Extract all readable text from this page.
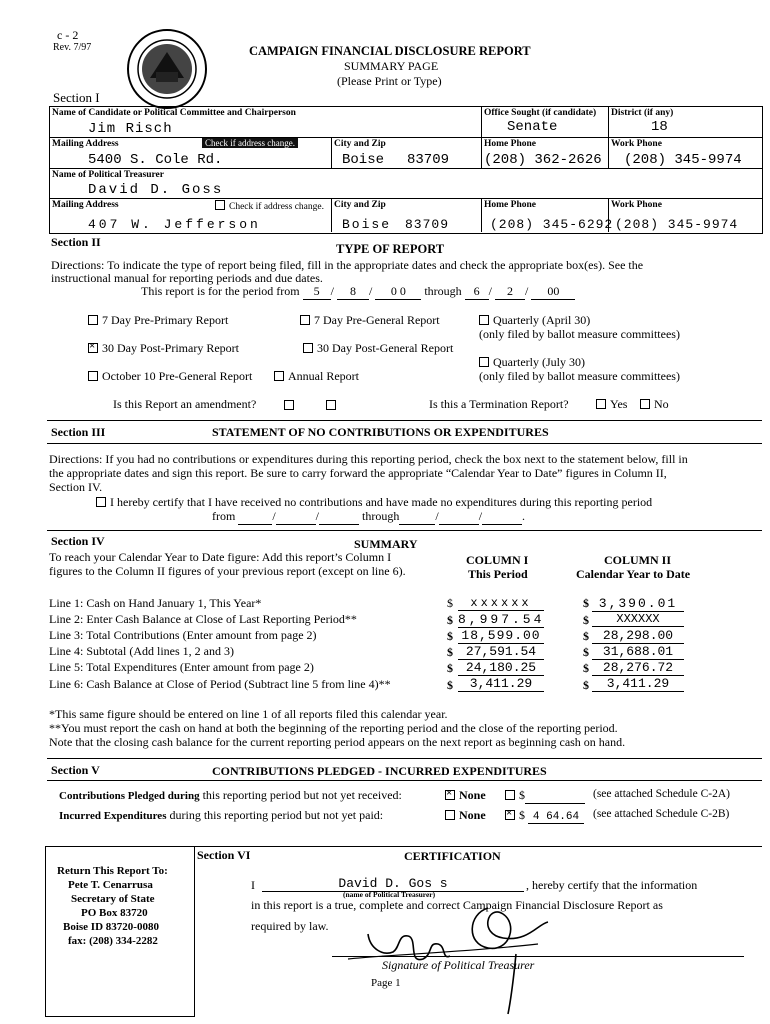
c - 2
Rev. 7/97	CAMPAIGN FINANCIAL DISCLOSURE REPORT
SUMMARY PAGE
(Please Print or Type)
Section I
Name of Candidate or Political Committee and Chairperson
Jim Risch
Office Sought (if candidate)
Senate
District (if any)
18
Mailing Address	Check if address change.
5400 S. Cole Rd.
City and Zip
Boise 83709
Home Phone
(208) 362-2626
Work Phone
(208) 345-9974
Name of Political Treasurer
David D. Goss
Mailing Address	Check if address change.
407 W. Jefferson
City and Zip
Boise 83709
Home Phone
(208) 345-6292
Work Phone
(208) 345-9974
Section II	TYPE OF REPORT
Directions: To indicate the type of report being filed, fill in the appropriate dates and check the appropriate box(es). See the
instructional manual for reporting periods and due dates.
This report is for the period from 5 / 8 / 0 0 through 6 / 2 / 00
7 Day Pre-Primary Report	7 Day Pre-General Report	Quarterly (April 30)
(only filed by ballot measure committees)
×30 Day Post-Primary Report	30 Day Post-General Report
Quarterly (July 30)
(only filed by ballot measure committees)
October 10 Pre-General Report	Annual Report
Is this Report an amendment?	Is this a Termination Report?	Yes	No
Section III	STATEMENT OF NO CONTRIBUTIONS OR EXPENDITURES
Directions: If you had no contributions or expenditures during this reporting period, check the box next to the statement below, fill in
the appropriate dates and sign this report. Be sure to carry forward the appropriate “Calendar Year to Date” figures in Column II,
Section IV.
I hereby certify that I have received no contributions and have made no expenditures during this reporting period
from	/	/	through	/	/	.
Section IV	SUMMARY
To reach your Calendar Year to Date figure: Add this report’s Column I
figures to the Column II figures of your previous report (except on line 6).
COLUMN I
This Period
COLUMN II
Calendar Year to Date
Line 1: Cash on Hand January 1, This Year*	$	xxxxxx	$ 3,390.01
Line 2: Enter Cash Balance at Close of Last Reporting Period**	$ 8,997.54	$	XXXXXX
Line 3: Total Contributions (Enter amount from page 2)	$ 18,599.00	$	28,298.00
Line 4: Subtotal (Add lines 1, 2 and 3)	$ 27,591.54	$	31,688.01
Line 5: Total Expenditures (Enter amount from page 2)	$ 24,180.25	$	28,276.72
Line 6: Cash Balance at Close of Period (Subtract line 5 from line 4)**	$	3,411.29	$	3,411.29
*This same figure should be entered on line 1 of all reports filed this calendar year.
**You must report the cash on hand at both the beginning of the reporting period and the close of the reporting period.
Note that the closing cash balance for the current reporting period appears on the next report as beginning cash on hand.
Section V	CONTRIBUTIONS PLEDGED - INCURRED EXPENDITURES
Contributions Pledged during this reporting period but not yet received: ×	None	$	(see attached Schedule C-2A)
Incurred Expenditures during this reporting period but not yet paid:	None ×	$ 4 64.64	(see attached Schedule C-2B)
Return This Report To:
Pete T. Cenarrusa
Secretary of State
PO Box 83720
Boise ID 83720-0080
fax: (208) 334-2282
Section VI	CERTIFICATION
I	David D. Gos s
(name of Political Treasurer)
, hereby certify that the information
in this report is a true, complete and correct Campaign Financial Disclosure Report as
required by law.
Signature of Political Treasurer
Page 1
